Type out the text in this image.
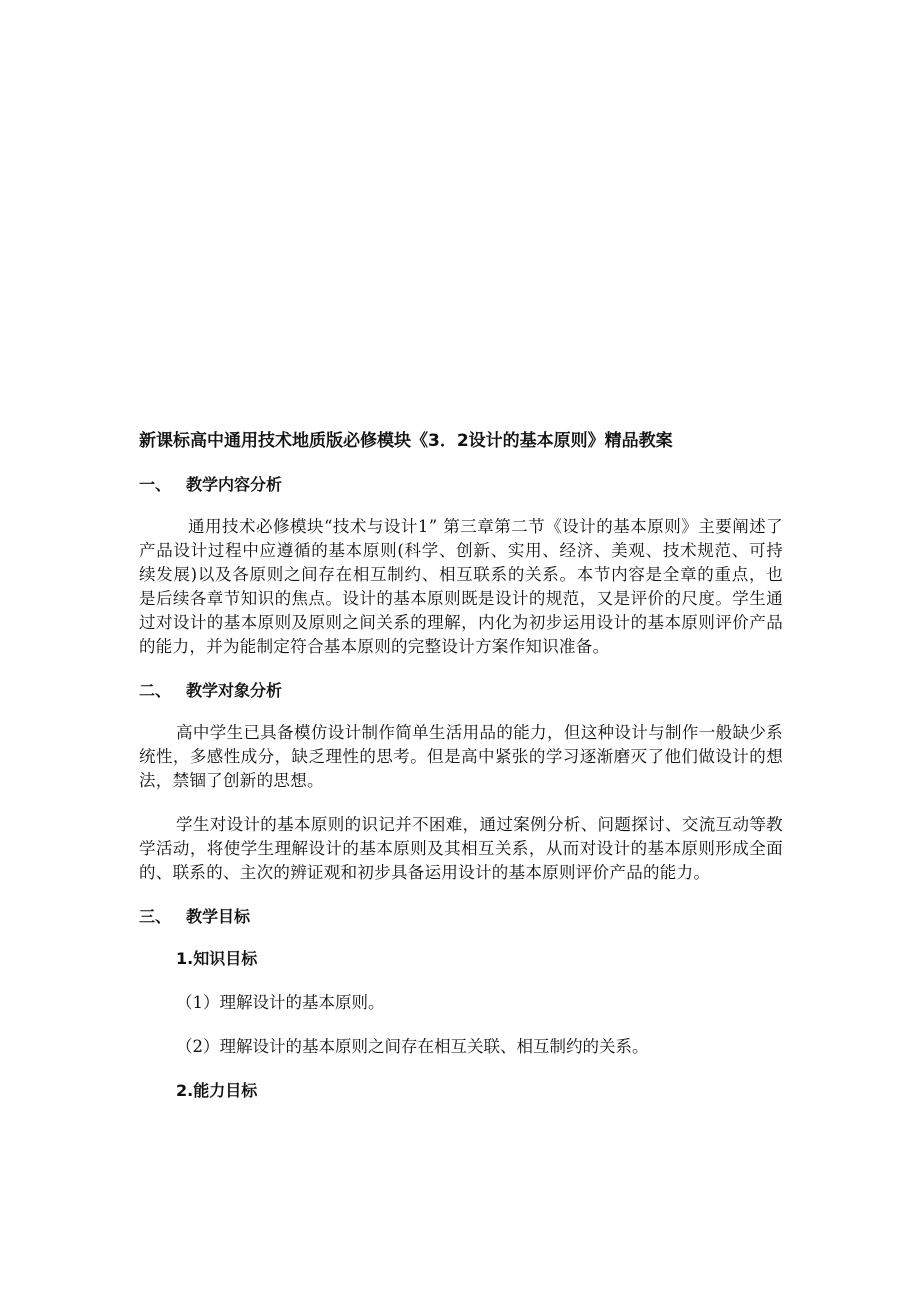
新课标高中通用技术地质版必修模块《3．2设计的基本原则》精品教案
一、 教学内容分析

通用技术必修模块“技术与设计1” 第三章第二节《设计的基本原则》主要阐述了产品设计过程中应遵循的基本原则(科学、创新、实用、经济、美观、技术规范、可持续发展)以及各原则之间存在相互制约、相互联系的关系。本节内容是全章的重点，也是后续各章节知识的焦点。设计的基本原则既是设计的规范，又是评价的尺度。学生通过对设计的基本原则及原则之间关系的理解，内化为初步运用设计的基本原则评价产品的能力，并为能制定符合基本原则的完整设计方案作知识准备。

二、 教学对象分析

高中学生已具备模仿设计制作简单生活用品的能力，但这种设计与制作一般缺少系统性，多感性成分，缺乏理性的思考。但是高中紧张的学习逐渐磨灭了他们做设计的想法，禁锢了创新的思想。

学生对设计的基本原则的识记并不困难，通过案例分析、问题探讨、交流互动等教学活动，将使学生理解设计的基本原则及其相互关系，从而对设计的基本原则形成全面的、联系的、主次的辨证观和初步具备运用设计的基本原则评价产品的能力。

三、 教学目标
1.知识目标
（1）理解设计的基本原则。
（2）理解设计的基本原则之间存在相互关联、相互制约的关系。
2.能力目标
